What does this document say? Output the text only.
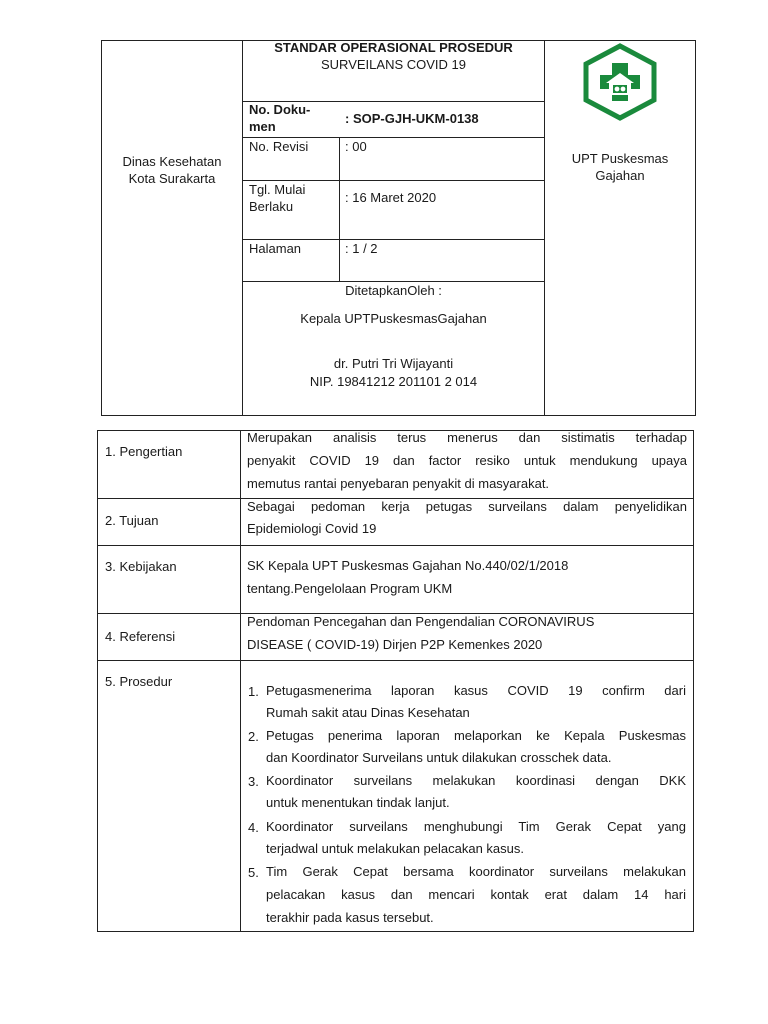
Dinas Kesehatan
Kota Surakarta
STANDAR OPERASIONAL PROSEDUR
SURVEILANS COVID 19
No. Doku-
men
: SOP-GJH-UKM-0138
No. Revisi	: 00
Tgl. Mulai
Berlaku
: 16 Maret 2020
Halaman	: 1 / 2
DitetapkanOleh :
Kepala UPTPuskesmasGajahan
dr. Putri Tri Wijayanti
NIP. 19841212 201101 2 014
UPT Puskesmas
Gajahan
1. Pengertian
2. Tujuan
3. Kebijakan
4. Referensi
5. Prosedur
Merupakan analisis terus menerus dan sistimatis terhadap
penyakit COVID 19 dan factor resiko untuk mendukung upaya
memutus rantai penyebaran penyakit di masyarakat.
Sebagai pedoman kerja petugas surveilans dalam penyelidikan
Epidemiologi Covid 19
SK Kepala UPT Puskesmas Gajahan No.440/02/1/2018
tentang.Pengelolaan Program UKM
Pendoman Pencegahan dan Pengendalian CORONAVIRUS
DISEASE ( COVID-19) Dirjen P2P Kemenkes 2020
1. Petugasmenerima laporan kasus COVID 19 confirm dari
Rumah sakit atau Dinas Kesehatan
2. Petugas penerima laporan melaporkan ke Kepala Puskesmas
dan Koordinator Surveilans untuk dilakukan crosschek data.
3. Koordinator surveilans melakukan koordinasi dengan DKK
untuk menentukan tindak lanjut.
4. Koordinator surveilans menghubungi Tim Gerak Cepat yang
terjadwal untuk melakukan pelacakan kasus.
5. Tim Gerak Cepat bersama koordinator surveilans melakukan
pelacakan kasus dan mencari kontak erat dalam 14 hari
terakhir pada kasus tersebut.
